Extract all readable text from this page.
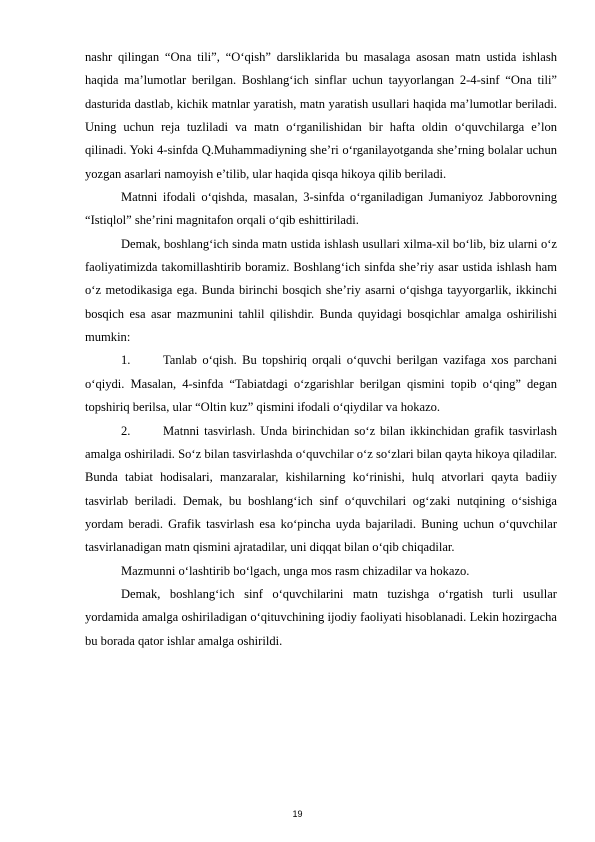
nashr qilingan “Ona tili”, “O‘qish” darsliklarida bu masalaga asosan matn ustida ishlash haqida ma’lumotlar berilgan. Boshlang‘ich sinflar uchun tayyorlangan 2-4-sinf “Ona tili” dasturida dastlab, kichik matnlar yaratish, matn yaratish usullari haqida ma’lumotlar beriladi. Uning uchun reja tuzliladi va matn o‘rganilishidan bir hafta oldin o‘quvchilarga e’lon qilinadi. Yoki 4-sinfda Q.Muhammadiyning she’ri o‘rganilayotganda she’rning bolalar uchun yozgan asarlari namoyish e’tilib, ular haqida qisqa hikoya qilib beriladi.

Matnni ifodali o‘qishda, masalan, 3-sinfda o‘rganiladigan Jumaniyoz Jabborovning “Istiqlol” she’rini magnitafon orqali o‘qib eshittiriladi.

Demak, boshlang‘ich sinda matn ustida ishlash usullari xilma-xil bo‘lib, biz ularni o‘z faoliyatimizda takomillashtirib boramiz. Boshlang‘ich sinfda she’riy asar ustida ishlash ham o‘z metodikasiga ega. Bunda birinchi bosqich she’riy asarni o‘qishga tayyorgarlik, ikkinchi bosqich esa asar mazmunini tahlil qilishdir. Bunda quyidagi bosqichlar amalga oshirilishi mumkin:

1.	Tanlab o‘qish. Bu topshiriq orqali o‘quvchi berilgan vazifaga xos parchani o‘qiydi. Masalan, 4-sinfda “Tabiatdagi o‘zgarishlar berilgan qismini topib o‘qing” degan topshiriq berilsa, ular “Oltin kuz” qismini ifodali o‘qiydilar va hokazo.

2.	Matnni tasvirlash. Unda birinchidan so‘z bilan ikkinchidan grafik tasvirlash amalga oshiriladi. So‘z bilan tasvirlashda o‘quvchilar o‘z so‘zlari bilan qayta hikoya qiladilar. Bunda tabiat hodisalari, manzaralar, kishilarning ko‘rinishi, hulq atvorlari qayta badiiy tasvirlab beriladi. Demak, bu boshlang‘ich sinf o‘quvchilari og‘zaki nutqining o‘sishiga yordam beradi. Grafik tasvirlash esa ko‘pincha uyda bajariladi. Buning uchun o‘quvchilar tasvirlanadigan matn qismini ajratadilar, uni diqqat bilan o‘qib chiqadilar.

Mazmunni o‘lashtirib bo‘lgach, unga mos rasm chizadilar va hokazo.

Demak, boshlang‘ich sinf o‘quvchilarini matn tuzishga o‘rgatish turli usullar yordamida amalga oshiriladigan o‘qituvchining ijodiy faoliyati hisoblanadi. Lekin hozirgacha bu borada qator ishlar amalga oshirildi.

19
